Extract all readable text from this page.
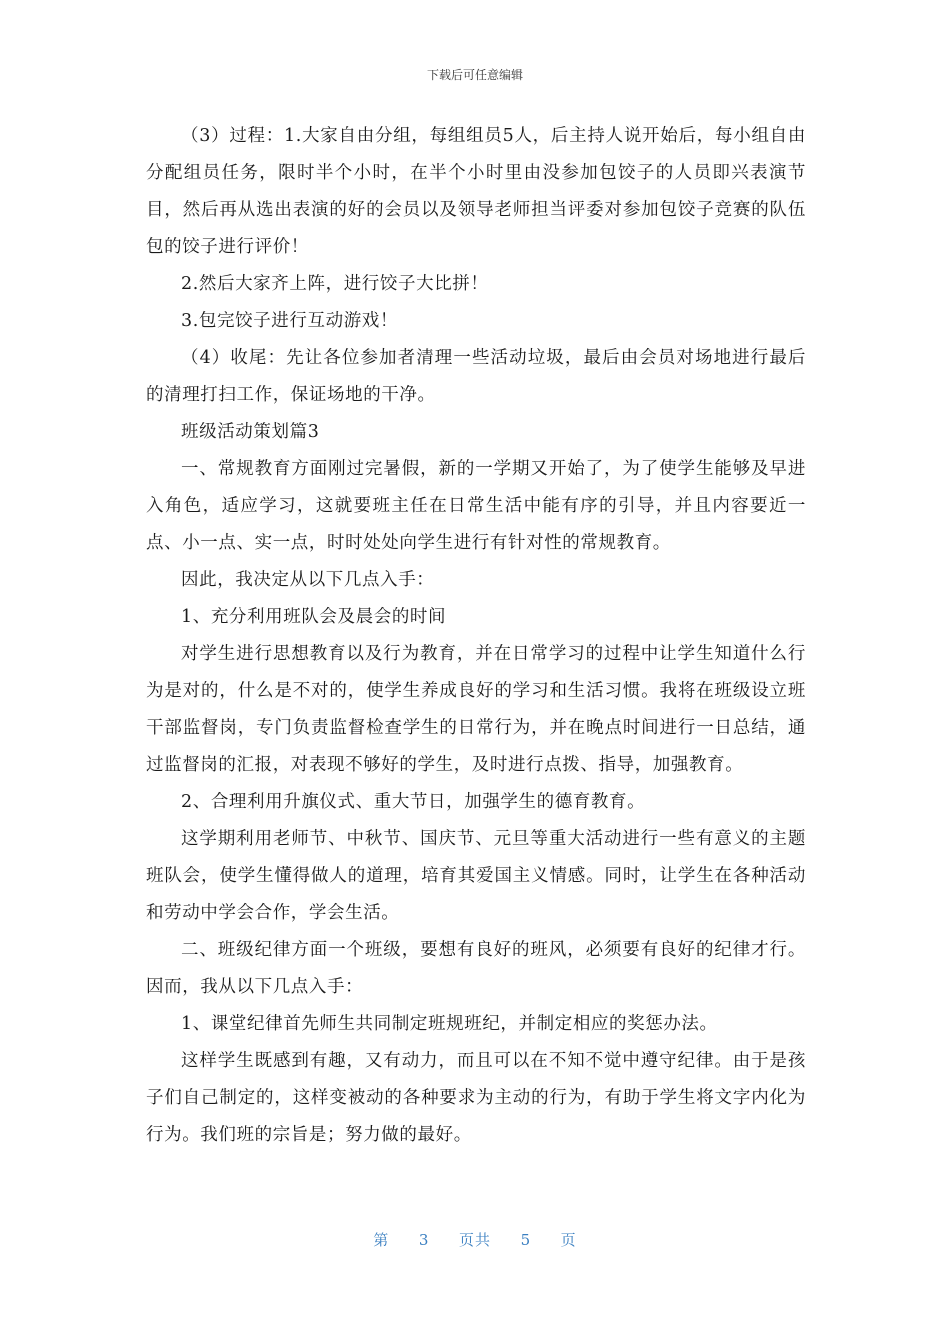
下载后可任意编辑

（3）过程：1.大家自由分组，每组组员5人，后主持人说开始后，每小组自由分配组员任务，限时半个小时，在半个小时里由没参加包饺子的人员即兴表演节目，然后再从选出表演的好的会员以及领导老师担当评委对参加包饺子竞赛的队伍包的饺子进行评价！

2.然后大家齐上阵，进行饺子大比拼！

3.包完饺子进行互动游戏！

（4）收尾：先让各位参加者清理一些活动垃圾，最后由会员对场地进行最后的清理打扫工作，保证场地的干净。

班级活动策划篇3

一、常规教育方面刚过完暑假，新的一学期又开始了，为了使学生能够及早进入角色，适应学习，这就要班主任在日常生活中能有序的引导，并且内容要近一点、小一点、实一点，时时处处向学生进行有针对性的常规教育。

因此，我决定从以下几点入手：

1、充分利用班队会及晨会的时间

对学生进行思想教育以及行为教育，并在日常学习的过程中让学生知道什么行为是对的，什么是不对的，使学生养成良好的学习和生活习惯。我将在班级设立班干部监督岗，专门负责监督检查学生的日常行为，并在晚点时间进行一日总结，通过监督岗的汇报，对表现不够好的学生，及时进行点拨、指导，加强教育。

2、合理利用升旗仪式、重大节日，加强学生的德育教育。

这学期利用老师节、中秋节、国庆节、元旦等重大活动进行一些有意义的主题班队会，使学生懂得做人的道理，培育其爱国主义情感。同时，让学生在各种活动和劳动中学会合作，学会生活。

二、班级纪律方面一个班级，要想有良好的班风，必须要有良好的纪律才行。因而，我从以下几点入手：

1、课堂纪律首先师生共同制定班规班纪，并制定相应的奖惩办法。

这样学生既感到有趣，又有动力，而且可以在不知不觉中遵守纪律。由于是孩子们自己制定的，这样变被动的各种要求为主动的行为，有助于学生将文字内化为行为。我们班的宗旨是；努力做的最好。

第 3 页共 5 页
